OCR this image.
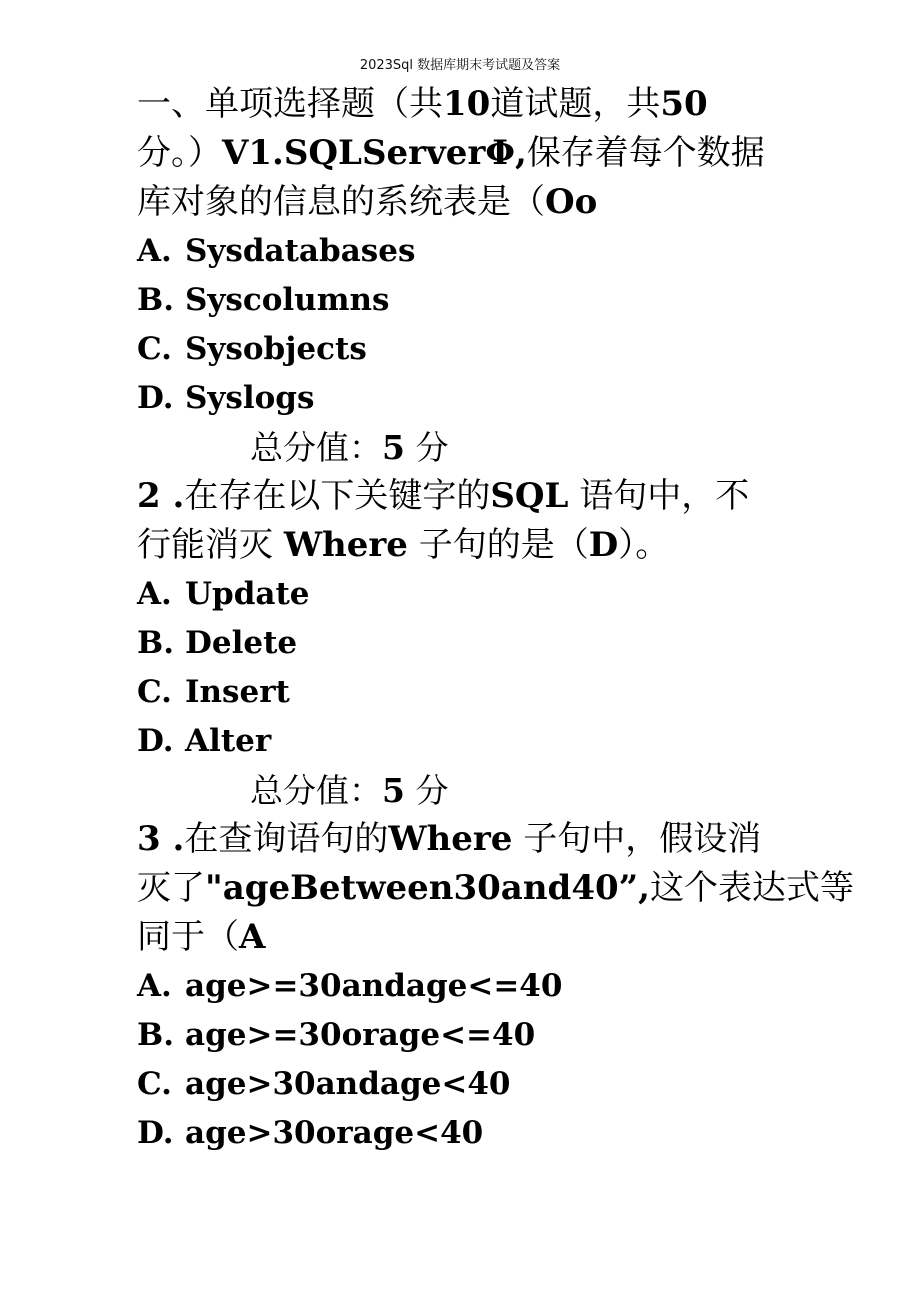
2023Sql 数据库期末考试题及答案
一、单项选择题（共10道试题，共50
分。）V1.SQLServerΦ,保存着每个数据
库对象的信息的系统表是（Oo
A. Sysdatabases
B. Syscolumns
C. Sysobjects
D. Syslogs
总分值：5 分
2 .在存在以下关键字的SQL 语句中，不
行能消灭 Where 子句的是（D）。
A. Update
B. Delete
C. Insert
D. Alter
总分值：5 分
3 .在查询语句的Where 子句中，假设消
灭了"ageBetween30and40”,这个表达式等
同于（A
A. age>=30andage<=40
B. age>=30orage<=40
C. age>30andage<40
D. age>30orage<40
